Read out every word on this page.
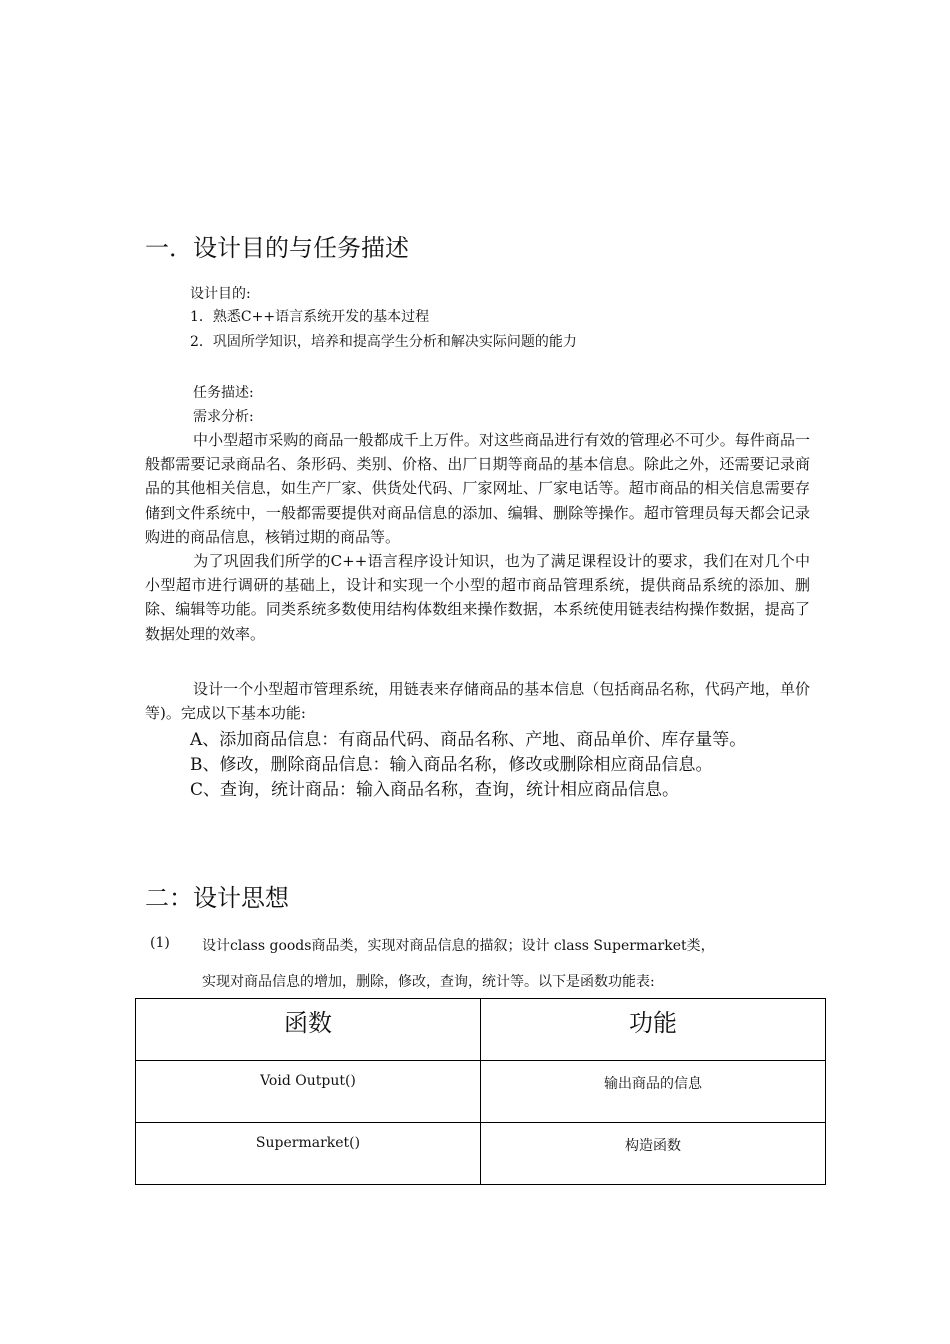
一．设计目的与任务描述
设计目的:
1．熟悉C++语言系统开发的基本过程
2．巩固所学知识，培养和提高学生分析和解决实际问题的能力
任务描述:
需求分析:
中小型超市采购的商品一般都成千上万件。对这些商品进行有效的管理必不可少。每件商品一般都需要记录商品名、条形码、类别、价格、出厂日期等商品的基本信息。除此之外，还需要记录商品的其他相关信息，如生产厂家、供货处代码、厂家网址、厂家电话等。超市商品的相关信息需要存储到文件系统中，一般都需要提供对商品信息的添加、编辑、删除等操作。超市管理员每天都会记录购进的商品信息，核销过期的商品等。
为了巩固我们所学的C++语言程序设计知识，也为了满足课程设计的要求，我们在对几个中小型超市进行调研的基础上，设计和实现一个小型的超市商品管理系统，提供商品系统的添加、删除、编辑等功能。同类系统多数使用结构体数组来操作数据，本系统使用链表结构操作数据，提高了数据处理的效率。
设计一个小型超市管理系统，用链表来存储商品的基本信息（包括商品名称，代码产地，单价等)。完成以下基本功能:
A、添加商品信息：有商品代码、商品名称、产地、商品单价、库存量等。
B、修改，删除商品信息：输入商品名称，修改或删除相应商品信息。
C、查询，统计商品：输入商品名称，查询，统计相应商品信息。
二：设计思想
(1) 设计class goods商品类，实现对商品信息的描叙；设计 class Supermarket类，
实现对商品信息的增加，删除，修改，查询，统计等。以下是函数功能表:
函数	功能

Void Output()	输出商品的信息

Supermarket()	构造函数
